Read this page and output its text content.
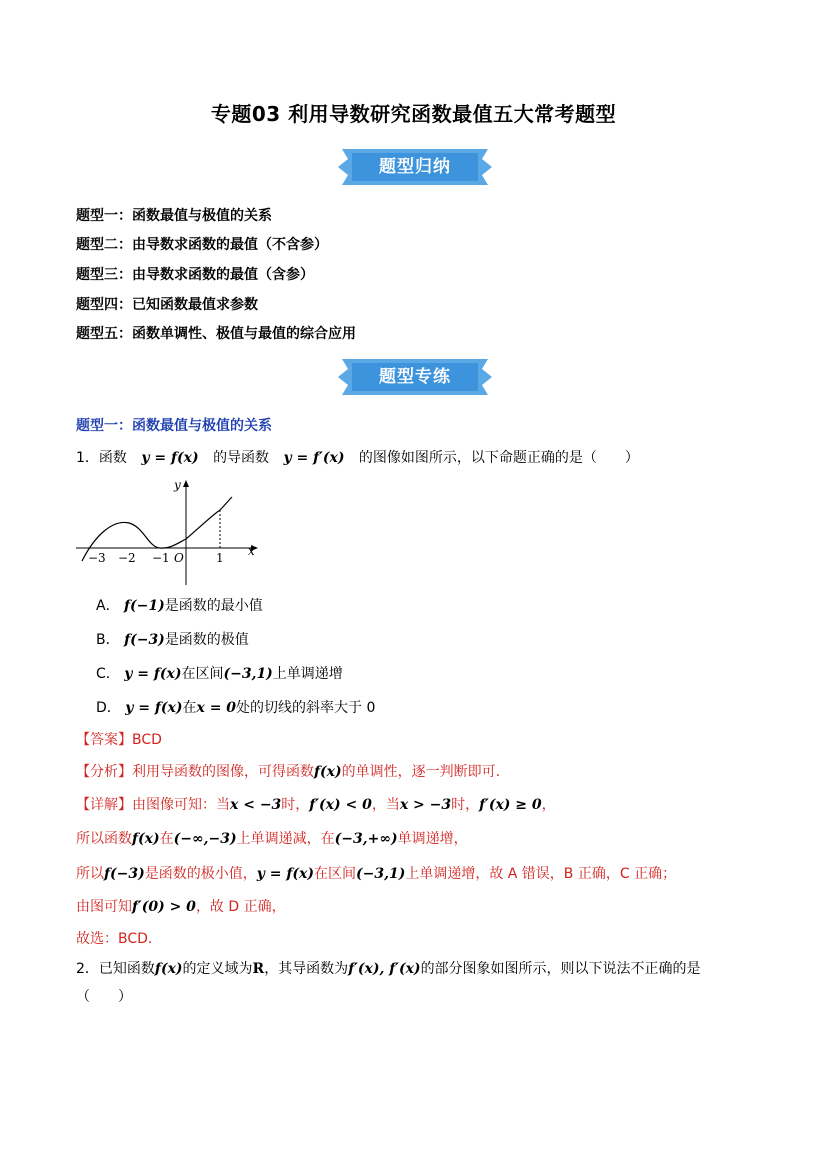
专题03 利用导数研究函数最值五大常考题型
题型归纳
题型一：函数最值与极值的关系
题型二：由导数求函数的最值（不含参）
题型三：由导数求函数的最值（含参）
题型四：已知函数最值求参数
题型五：函数单调性、极值与最值的综合应用
题型专练
题型一：函数最值与极值的关系
1．函数 y = f(x) 的导函数 y = f′(x) 的图像如图所示，以下命题正确的是（　　）
−3 −2 −1 O	1 x
y
A． f(−1)是函数的最小值
B． f(−3)是函数的极值
C． y = f(x)在区间(−3,1)上单调递增
D． y = f(x)在x = 0处的切线的斜率大于 0
【答案】BCD
【分析】利用导函数的图像，可得函数f(x)的单调性，逐一判断即可.
【详解】由图像可知：当x < −3时，f′(x) < 0，当x > −3时，f′(x) ≥ 0，
所以函数f(x)在(−∞,−3)上单调递减，在(−3,+∞)单调递增，
所以f(−3)是函数的极小值，y = f(x)在区间(−3,1)上单调递增，故 A 错误，B 正确，C 正确；
由图可知f′(0) > 0，故 D 正确，
故选：BCD.
2．已知函数f(x)的定义域为R，其导函数为f′(x), f′(x)的部分图象如图所示，则以下说法不正确的是
（　　）
